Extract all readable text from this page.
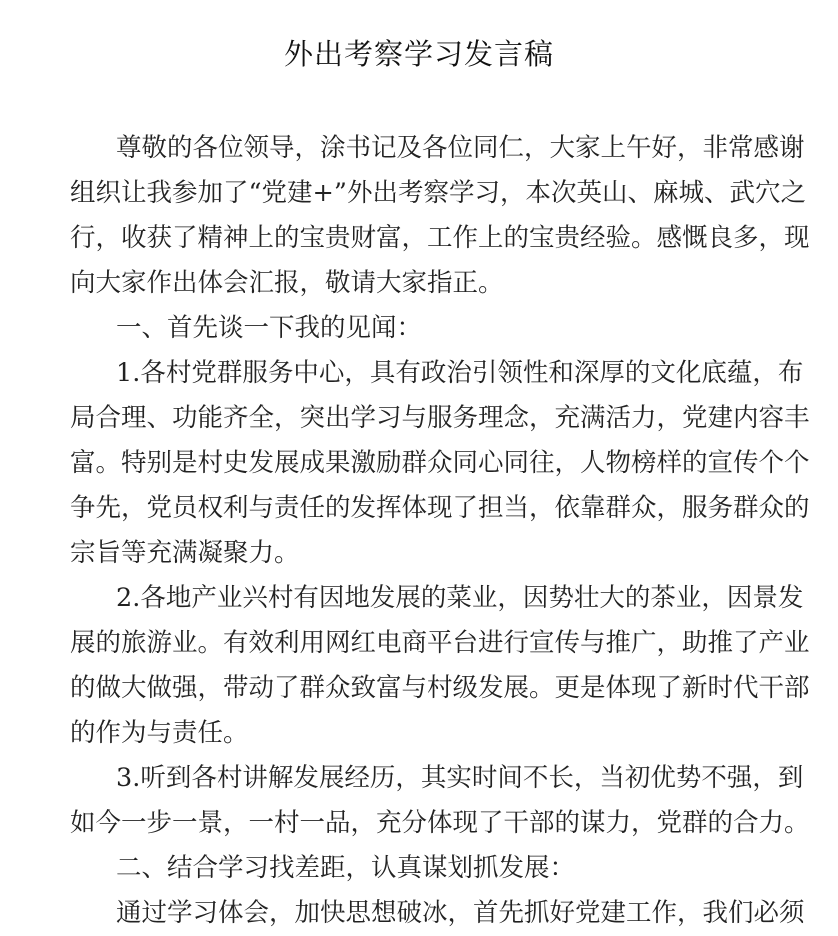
外出考察学习发言稿
尊敬的各位领导，涂书记及各位同仁，大家上午好，非常感谢
组织让我参加了“党建+”外出考察学习，本次英山、麻城、武穴之
行，收获了精神上的宝贵财富，工作上的宝贵经验。感慨良多，现
向大家作出体会汇报，敬请大家指正。
一、首先谈一下我的见闻：
1.各村党群服务中心，具有政治引领性和深厚的文化底蕴，布
局合理、功能齐全，突出学习与服务理念，充满活力，党建内容丰
富。特别是村史发展成果激励群众同心同往，人物榜样的宣传个个
争先，党员权利与责任的发挥体现了担当，依靠群众，服务群众的
宗旨等充满凝聚力。
2.各地产业兴村有因地发展的菜业，因势壮大的茶业，因景发
展的旅游业。有效利用网红电商平台进行宣传与推广，助推了产业
的做大做强，带动了群众致富与村级发展。更是体现了新时代干部
的作为与责任。
3.听到各村讲解发展经历，其实时间不长，当初优势不强，到
如今一步一景，一村一品，充分体现了干部的谋力，党群的合力。
二、结合学习找差距，认真谋划抓发展：
通过学习体会，加快思想破冰，首先抓好党建工作，我们必须
